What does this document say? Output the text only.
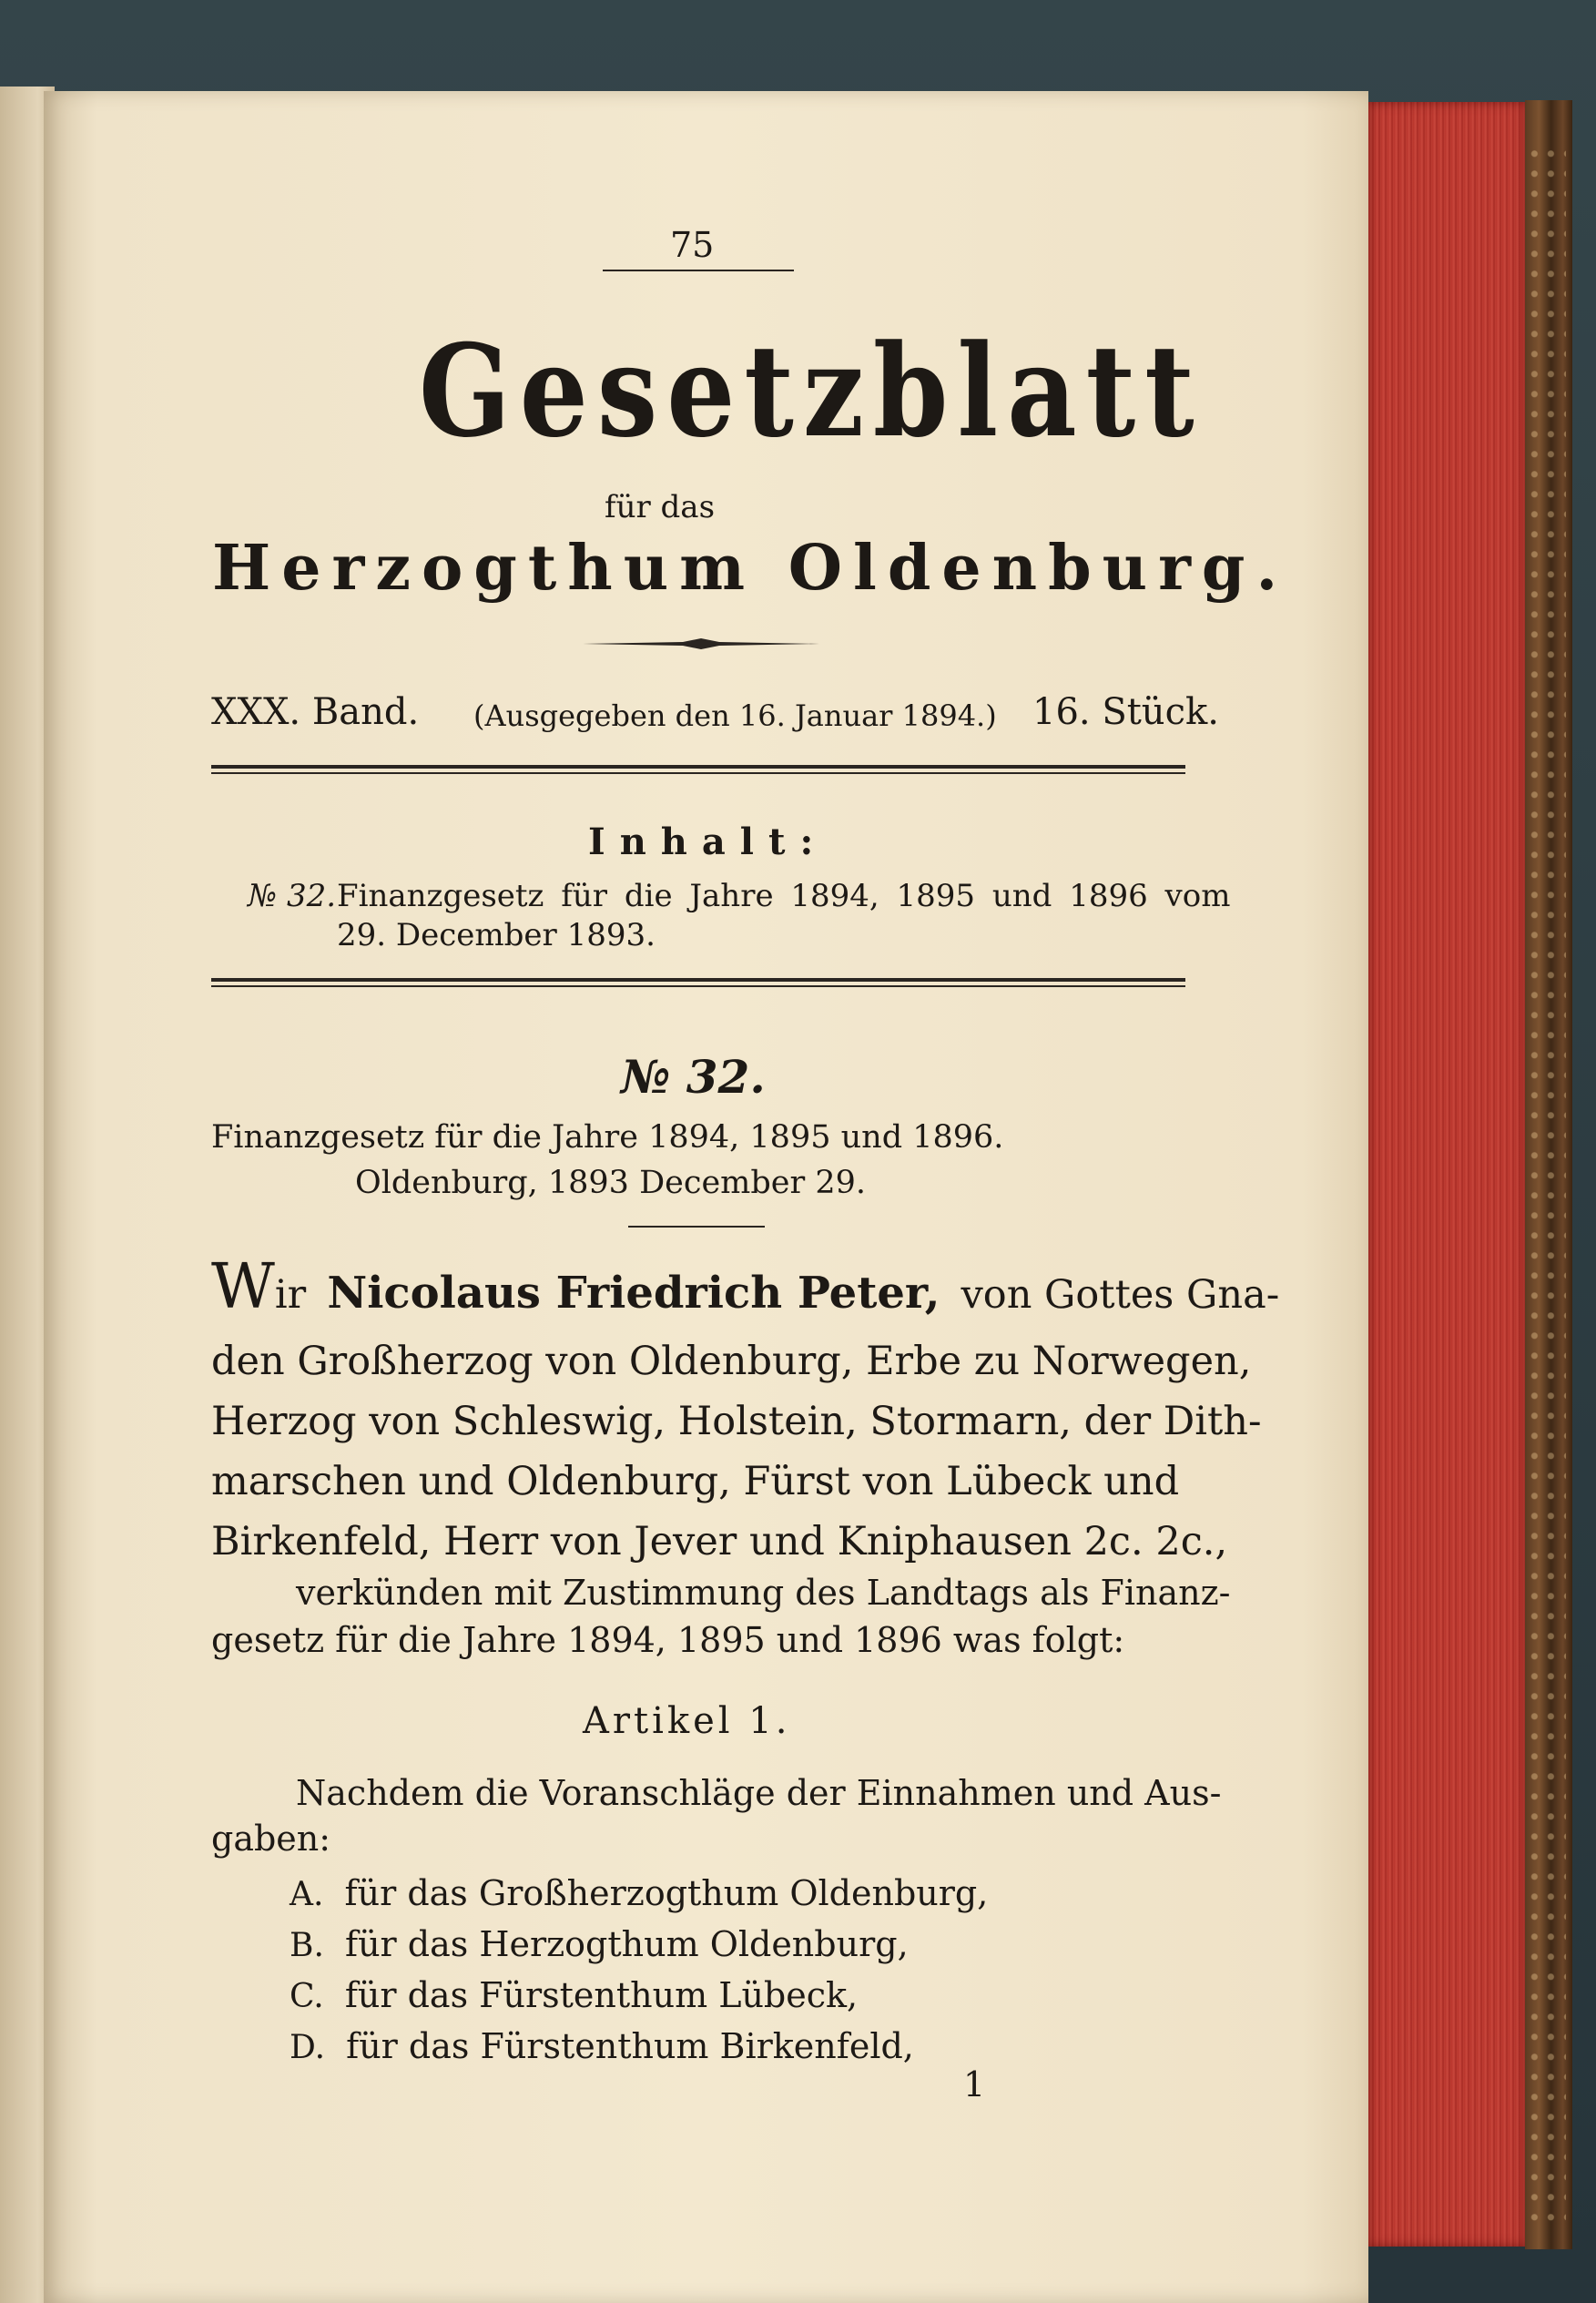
75
Gesetzblatt
für das
Herzogthum Oldenburg.
XXX. Band. (Ausgegeben den 16. Januar 1894.) 16. Stück.
Inhalt:
№ 32. Finanzgesetz für die Jahre 1894, 1895 und 1896 vom
29. December 1893.
№ 32.
Finanzgesetz für die Jahre 1894, 1895 und 1896.
Oldenburg, 1893 December 29.
Wir Nicolaus Friedrich Peter, von Gottes Gna-
den Großherzog von Oldenburg, Erbe zu Norwegen,
Herzog von Schleswig, Holstein, Stormarn, der Dith-
marschen und Oldenburg, Fürst von Lübeck und
Birkenfeld, Herr von Jever und Kniphausen 2c. 2c.,
verkünden mit Zustimmung des Landtags als Finanz-
gesetz für die Jahre 1894, 1895 und 1896 was folgt:
Artikel 1.
Nachdem die Voranschläge der Einnahmen und Aus-
gaben:
A. für das Großherzogthum Oldenburg,
B. für das Herzogthum Oldenburg,
C. für das Fürstenthum Lübeck,
D. für das Fürstenthum Birkenfeld,
1
